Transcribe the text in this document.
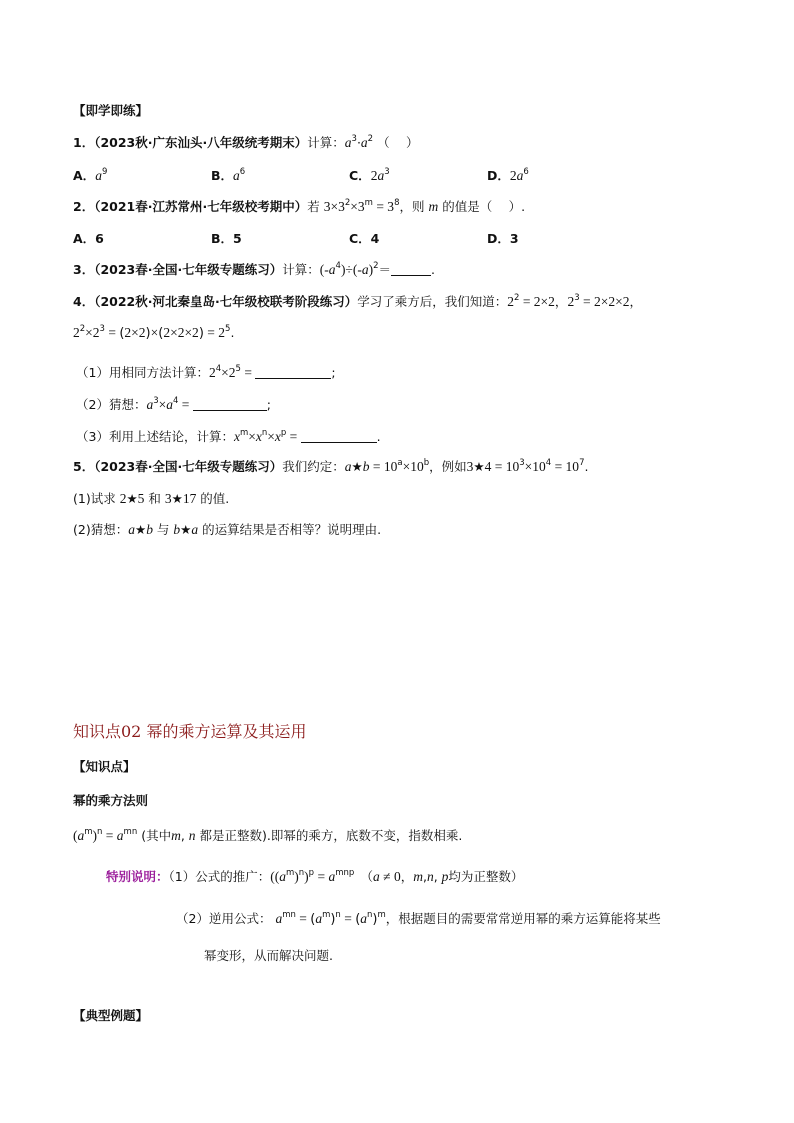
【即学即练】
1．（2023秋·广东汕头·八年级统考期末）计算：$a^3\cdot a^2$ （　 ）
A．$a^9$	B．$a^6$	C．$2a^3$	D．$2a^6$
2．（2021春·江苏常州·七年级校考期中）若 $3\times 3^2\times 3^m = 3^8$，则 m 的值是（　 ）.
A．6	B．5	C．4	D．3
3．（2023春·全国·七年级专题练习）计算：$(-a^4)\div(-a)^2=$	.
4．（2022秋·河北秦皇岛·七年级校联考阶段练习）学习了乘方后，我们知道：$2^2 = 2\times 2$，$2^3 = 2\times 2\times 2$，
$2^2\times 2^3 = (2\times 2)\times(2\times 2\times 2) = 2^5$.
（1）用相同方法计算：$2^4\times 2^5$ =	;
（2）猜想：$a^3\times a^4$ =	;
（3）利用上述结论，计算：$x^m\times x^n\times x^p$ =	.
5．（2023春·全国·七年级专题练习）我们约定：a★b = $10^a\times 10^b$，例如3★4 = $10^3\times 10^4 = 10^7$.
(1)试求 2★5 和 3★17 的值.
(2)猜想：a★b 与 b★a 的运算结果是否相等？说明理由.
知识点02 幂的乘方运算及其运用
【知识点】
幂的乘方法则
$(a^m)^n = a^{mn}$ (其中m, n 都是正整数).即幂的乘方，底数不变，指数相乘.
特别说明：（1）公式的推广：$((a^m)^n)^p = a^{mnp}$　（a ≠ 0，m,n, p均为正整数）
（2）逆用公式： $a^{mn} = (a^m)^n = (a^n)^m$，根据题目的需要常常逆用幂的乘方运算能将某些
幂变形，从而解决问题.
【典型例题】
